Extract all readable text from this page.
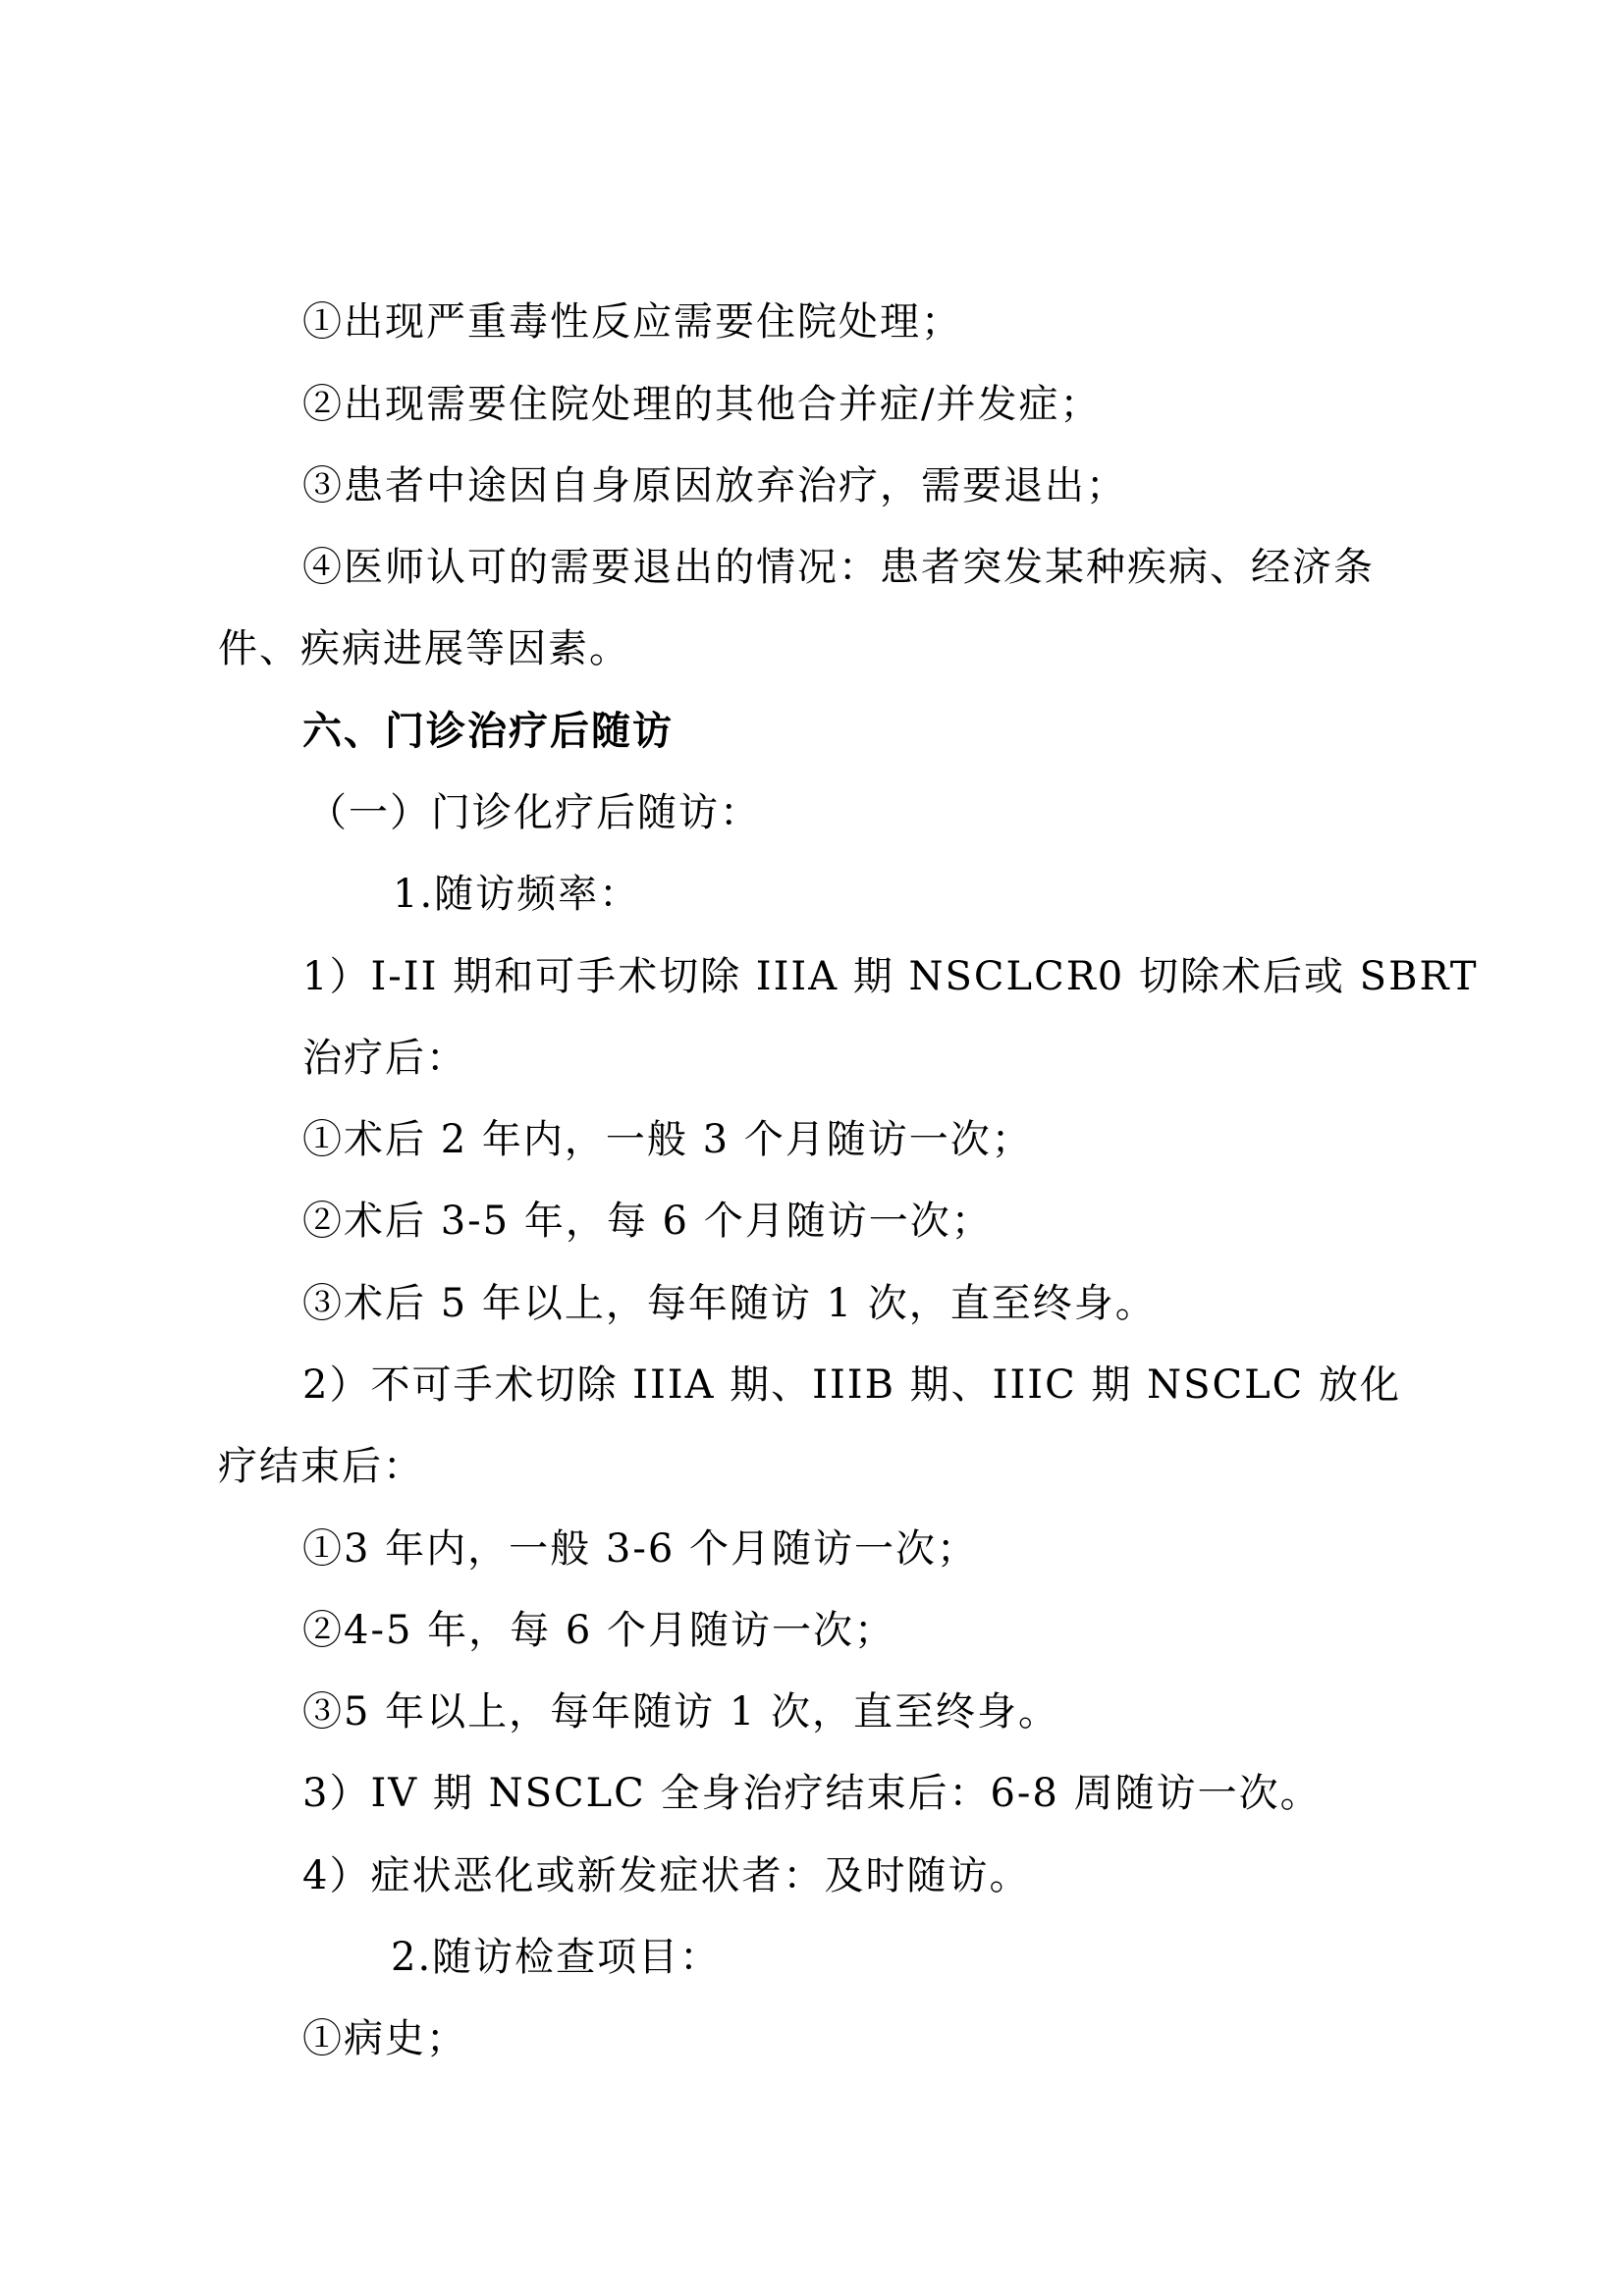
①出现严重毒性反应需要住院处理；
②出现需要住院处理的其他合并症/并发症；
③患者中途因自身原因放弃治疗，需要退出；
④医师认可的需要退出的情况：患者突发某种疾病、经济条
件、疾病进展等因素。
六、门诊治疗后随访
（一）门诊化疗后随访：
1.随访频率：
1）I-II 期和可手术切除 IIIA 期 NSCLCR0 切除术后或 SBRT
治疗后：
①术后 2 年内，一般 3 个月随访一次；
②术后 3-5 年，每 6 个月随访一次；
③术后 5 年以上，每年随访 1 次，直至终身。
2）不可手术切除 IIIA 期、IIIB 期、IIIC 期 NSCLC 放化
疗结束后：
①3 年内，一般 3-6 个月随访一次；
②4-5 年，每 6 个月随访一次；
③5 年以上，每年随访 1 次，直至终身。
3）IV 期 NSCLC 全身治疗结束后：6-8 周随访一次。
4）症状恶化或新发症状者：及时随访。
2.随访检查项目：
①病史；
